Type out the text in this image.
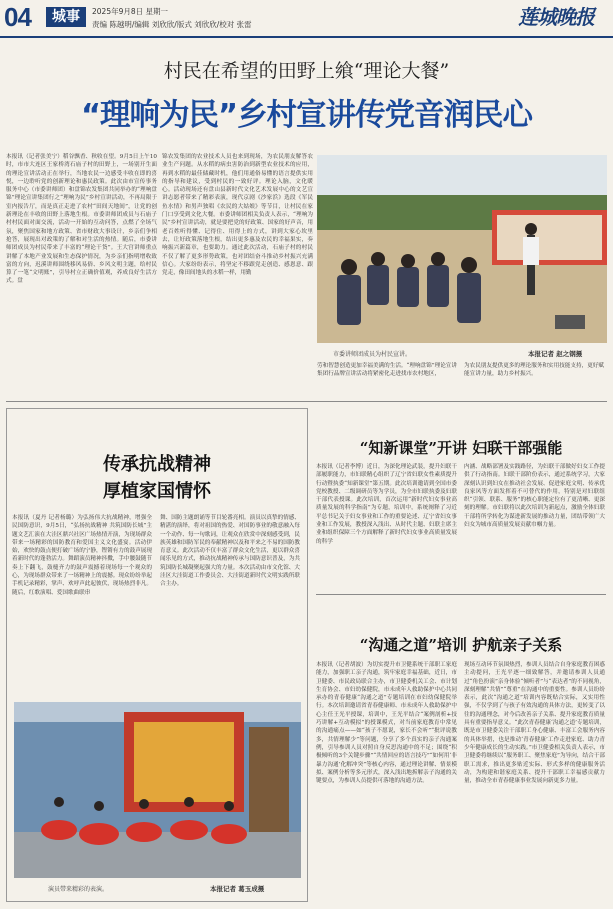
04	城事	2025年9月8日 星期一
责编 陈越明/编辑 刘欣欣/版式 刘欣欣/校对 张雷	莲城晚报
村民在希望的田野上飨“理论大餐”
“理响为民”乡村宣讲传党音润民心
本报讯（记者张美宁）稻谷飘香、秋收在望。9月5日上午10时，市市大连区王家桥湾石庙子村的田野上，一场别开生面的理论宣讲活动正在举行，当地农民一边感受丰收在即的喜悦，一边聆听党的创新理论和惠民政策。此次由市宣传事务服务中心（市委讲师团）和盘锦农发集团共同举办的“理响盘锦”理论宣讲集团行之“理响为民”乡村宣讲活动，不再局限于室内报告厅，而是真正走进了农村“田间天地间”，让党的创新理论在丰收的田野上落地生根。市委讲师团成员与石庙子村村民面对面交流，活动一开始的互动问答，点燃了全场气氛，聚焦国家和地方政策、省市财政大事设计，乡亲们争相抢答，展现出对政策的了解和对生活的热情。随后，市委讲师团成员为村民带来了丰富的“理论干货”。王大宫讲师重点讲解了本地产业发展和生态保护情况，为乡亲们指明增收致富的方向，迟溪讲师围绕移风易俗、乡风文明主题，给村民算了一笔“文明账”，引导村立正确价值观，养成良好生活方式。盘
锦农发集团的农业技术人员也来到现场，为农民朋友解答农业生产问题。从水稻的病虫害防治到新型农业技术的应用，再到水稻的最佳储藏时机，他们用通俗易懂的语言提供实用的指导和建议，受到村民的一致好评。理论入脑，文化暖心。活动现场还有盘山县新时代文化艺术发展中心的文艺宣讲志愿者带来了精彩表演，现代京剧《沙家浜》选段《军民鱼水情》和男声独唱《农民的大姑娘》等节目，让村民在家门口享受到文化大餐。市委讲师团相关负责人表示，“理响为民”乡村宣讲活动，就是要把党的好政策、国家的好声音，用老百姓听得懂、记得住、用得上的方式，讲到大家心坎里去，让好政策落地生根，结出更多惠及农民的幸福果实，奏响振兴新篇章，也要助力。通过此次活动，石庙子村的村民不仅了解了更多形势政策，也对团结奋斗推动乡村振兴充满信心。大家纷纷表示，将坚定不移跟党走创造、感恩意、跟党走，像田间地头的水稻一样，用勤
市委讲师团成员为村民宣讲。	本报记者 赵之钢摄
劳和智慧创造更加幸福美满的生活。“理响盘锦”理论宣讲集团行品牌宣讲活动将紧密化走进找市农村地区，
为农民朋友提供更多的理论服务和实用技能支持，更好赋能宣讲力量，助力乡村振兴。
传承抗战精神
厚植家国情怀
本报讯（夏丹 记者杨璐）为弘扬伟大抗战精神，增强全民国防意识，9月5日，“弘扬抗战精神 共筑国防长城”主题文艺汇演在大洼区鼎兴社区广场热情开演，为现场群众带来一场精彩的国防教育和爱国主义文化盛宴。活动伊始，欢快的鼓点便打破广场的宁静，铿锵有力的鼓声展现着新时代的蓬勃活力。舞蹈演员精神抖擞，手中腰鼓随节奏上下翻飞，鼓槌齐力的鼓声震撼着现场每一个观众的心，为现场群众带来了一场精神上的震撼。现众纷纷举起手机记录精彩，掌声、欢呼声此起彼伏，现场热烈非凡。随后，红歌演唱、爱国歌曲联串
舞、国防主题朗诵等节目轮番亮相。演员以真挚的情感、精湛的演绎，将对祖国的热爱、对国防事业的敬意融入每一个动作、每一句歌词，让观众在欣赏中深刻感受到，民族英雄和国防军民的奉献精神以及和平来之不易的国防教育意义。此次活动不仅丰富了群众文化生活，更以群众喜闻乐见的方式，推动抗战精神传承与国防意识普及，为共筑国防长城凝聚起强大的力量。本次活动由市文化馆、大洼区大洼街道工作委员会、大洼街道新时代文明实践所联合主办。
演员带来精彩的表演。	本报记者 葛玉成摄
“知新课堂”开讲 妇联干部强能
本报讯（记者李博）近日，为深化理论武装，提升妇联干部履职能力，市妇联精心组织了辽宁省妇联女性素质提升行动暨执委“知新课堂”第五期。此次培训邀请到全国市委党校教授、二级调研员等为学员，为全市妇联执委及妇联干部代表授课。此次培训，首次运用“新时代妇女事业高质量发展的科学指南”为专题，培训中，系统阐释了习近平总书记关于妇女事业和工作的重要论述、辽宁省妇女事业和工作发展，教授深入浅出、从时代主题、妇联主席主业和组织保障三个方面解释了新时代妇女事业高质量发展的科学
内涵、战略部署及实践路径，为妇联干部做好妇女工作提供了行动指南。妇联干部阶份表示，通过系统学习，大家深刻认识到妇女在推动社会发展、促进家庭文明、传承优良家风等方面发挥着不可替代的作用，特别是对妇联组织“引领、联系、服务”的核心职能定位有了更清晰、更深刻的理解。市妇联将以此次培训为新起点，激励全体妇联干部将所学转化为谋进新发展的推动力量，团结带领广大妇女为城市高质量发展贡献巾帼力量。
“沟通之道”培训 护航亲子关系
本报讯（记者胡波）为切实提升市卫健系统干部职工家庭能力，加强职工亲子沟通，筑牢家庭幸福基础，近日，市卫健委、市民政局联合主办，市卫健委机关工会、市计划生育协会、市妇幼保健院，市未成年人救助保护中心共同承办的青春健康“沟通之道”专题培训在市妇幼保健院举行。本次培训邀请省青春健康师、市未成年人救助保护中心主任王光平授课，培训中，王光平结合“案例剖析+技巧讲解+互动模拟”的授课模式，对当前家庭教育中常见的沟通痛点——如“孩子不愿说，家长不会听”“批评说教多，共情理解少”等问题，分享了多个真实的亲子沟通案例，引导参训人员对照自身反思沟通中的不足；围绕“积极倾听的3个关键步骤”“共情回应的语言技巧”“如何用‘非暴力沟通’化解冲突”等核心内容，通过理论讲解、情景模拟、案例分析等多元形式，深入浅出地拆解亲子沟通的关键要点，为参训人员提供可落地的沟通方法。
现场互动环节氛围热烈，参训人员结合自身家庭教育困惑主动提问，王光平逐一细致解答，并邀请参训人员通过“角色扮演”亲身体验“倾听者”与“表达者”的不同视角，深刻理解“共情”“尊重”在沟通中的重要性。参训人员纷纷表示，此次“沟通之道”培训内容既贴合实际，又实用性强，不仅学到了与孩子有效沟通的具体方法，更转变了以往的沟通理念，对今后改善亲子关系、提升家庭教育质量具有重要指导意义。“此次青春健康‘沟通之道’专题培训，既是市卫健委关注干部职工身心健康、丰富工会服务内容的具体举措，也是推动‘青春健康’工作走进家庭、助力青少年健康成长的生动实践。”市卫健委相关负责人表示，市卫健委将继续以“服务职工、聚焦家庭”为导向，结合干部职工需求，推出更多贴近实际、形式多样的健康服务活动，为构建和谐家庭关系、提升干部职工幸福感贡献力量，推动全市青春健康事业发展向新更多力量。
